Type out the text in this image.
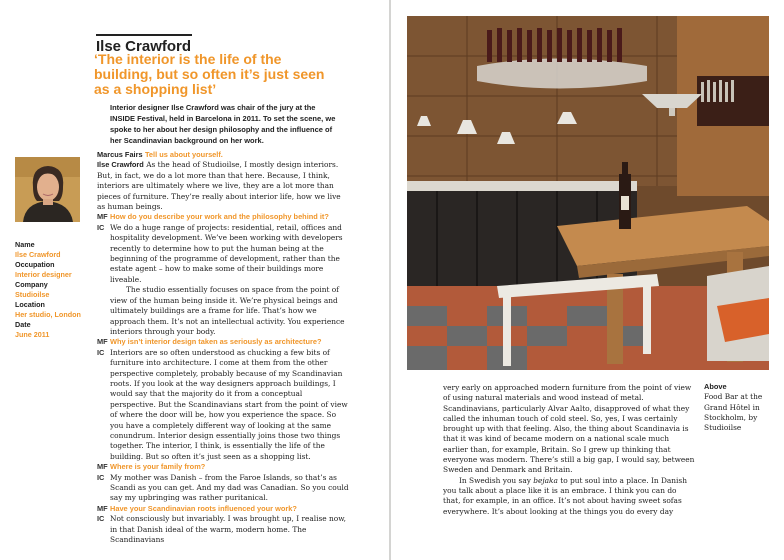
Ilse Crawford
‘The interior is the life of the building, but so often it’s just seen as a shopping list’
Interior designer Ilse Crawford was chair of the jury at the INSIDE Festival, held in Barcelona in 2011. To set the scene, we spoke to her about her design philosophy and the influence of her Scandinavian background on her work.
Name
Ilse Crawford
Occupation
Interior designer
Company
Studioilse
Location
Her studio, London
Date
June 2011

Marcus Fairs Tell us about yourself.

Ilse Crawford As the head of Studioilse, I mostly design interiors. But, in fact, we do a lot more than that here. Because, I think, interiors are ultimately where we live, they are a lot more than pieces of furniture. They’re really about interior life, how we live as human beings.

MF How do you describe your work and the philosophy behind it?

IC We do a huge range of projects: residential, retail, offices and hospitality development. We’ve been working with developers recently to determine how to put the human being at the beginning of the programme of development, rather than the estate agent – how to make some of their buildings more liveable.

The studio essentially focuses on space from the point of view of the human being inside it. We’re physical beings and ultimately buildings are a frame for life. That’s how we approach them. It’s not an intellectual activity. You experience interiors through your body.

MF Why isn’t interior design taken as seriously as architecture?

IC Interiors are so often understood as chucking a few bits of furniture into architecture. I come at them from the other perspective completely, probably because of my Scandinavian roots. If you look at the way designers approach buildings, I would say that the majority do it from a conceptual perspective. But the Scandinavians start from the point of view of where the door will be, how you experience the space. So you have a completely different way of looking at the same conundrum. Interior design essentially joins those two things together. The interior, I think, is essentially the life of the building. But so often it’s just seen as a shopping list.

MF Where is your family from?

IC My mother was Danish – from the Faroe Islands, so that’s as Scandi as you can get. And my dad was Canadian. So you could say my upbringing was rather puritanical.

MF Have your Scandinavian roots influenced your work?

IC Not consciously but invariably. I was brought up, I realise now, in that Danish ideal of the warm, modern home. The Scandinavians

very early on approached modern furniture from the point of view of using natural materials and wood instead of metal. Scandinavians, particularly Alvar Aalto, disapproved of what they called the inhuman touch of cold steel. So, yes, I was certainly brought up with that feeling. Also, the thing about Scandinavia is that it was kind of became modern on a national scale much earlier than, for example, Britain. So I grew up thinking that everyone was modern. There’s still a big gap, I would say, between Sweden and Denmark and Britain.

In Swedish you say bejaka to put soul into a place. In Danish you talk about a place like it is an embrace. I think you can do that, for example, in an office. It’s not about having sweet sofas everywhere. It’s about looking at the things you do every day

Above
Food Bar at the Grand Hôtel in Stockholm, by Studioilse
